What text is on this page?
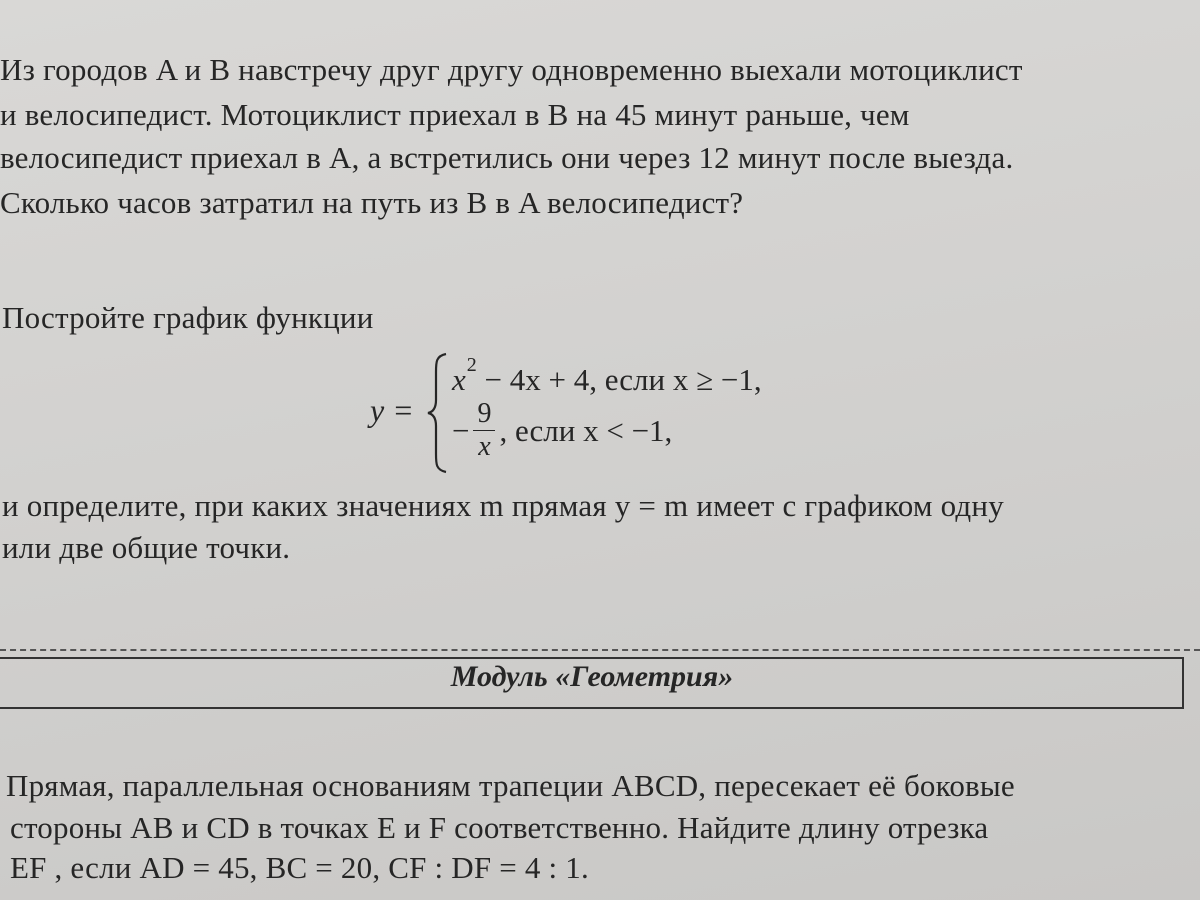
Из городов A и B навстречу друг другу одновременно выехали мотоциклист
и велосипедист. Мотоциклист приехал в B на 45 минут раньше, чем
велосипедист приехал в A, а встретились они через 12 минут после выезда.
Сколько часов затратил на путь из B в A велосипедист?
Постройте график функции
y =
$x^2 - 4x + 4$, если x ≥ −1,
− $\frac{9}{x}$ , если x < −1,
и определите, при каких значениях m прямая y = m имеет с графиком одну
или две общие точки.
Модуль «Геометрия»
Прямая, параллельная основаниям трапеции ABCD, пересекает её боковые
стороны AB и CD в точках E и F соответственно. Найдите длину отрезка
EF , если AD = 45, BC = 20, CF : DF = 4 : 1.
